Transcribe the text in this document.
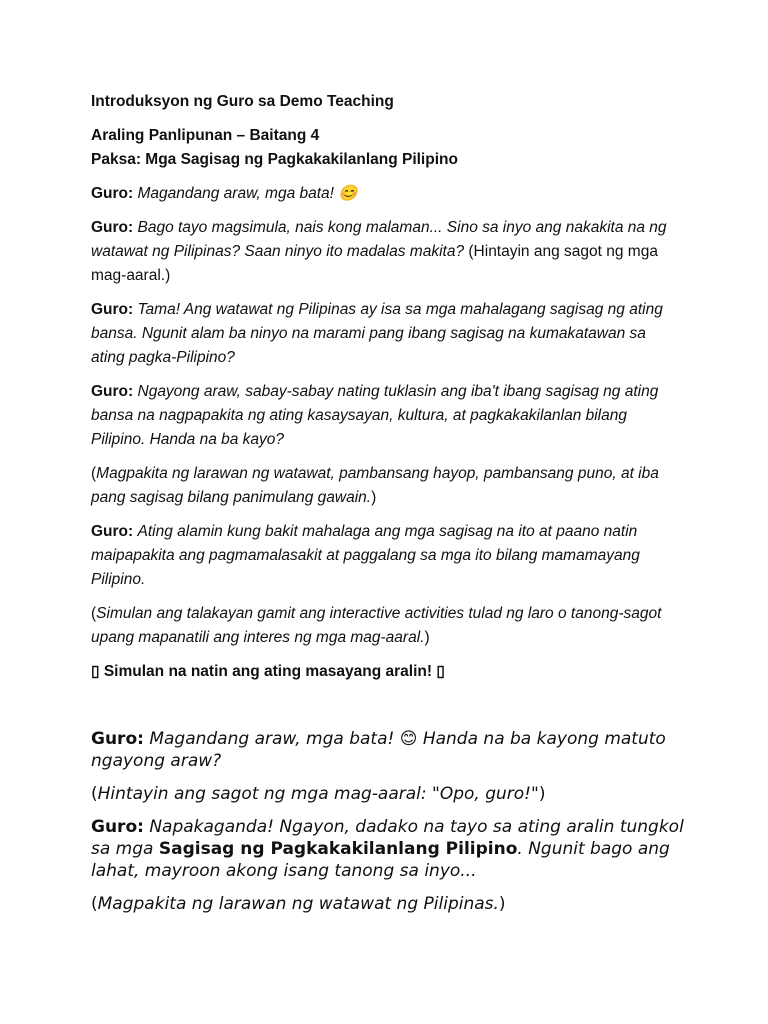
Introduksyon ng Guro sa Demo Teaching

Araling Panlipunan – Baitang 4
Paksa: Mga Sagisag ng Pagkakakilanlang Pilipino

Guro: Magandang araw, mga bata! 😊

Guro: Bago tayo magsimula, nais kong malaman... Sino sa inyo ang nakakita na ng watawat ng Pilipinas? Saan ninyo ito madalas makita? (Hintayin ang sagot ng mga mag-aaral.)

Guro: Tama! Ang watawat ng Pilipinas ay isa sa mga mahalagang sagisag ng ating bansa. Ngunit alam ba ninyo na marami pang ibang sagisag na kumakatawan sa ating pagka-Pilipino?

Guro: Ngayong araw, sabay-sabay nating tuklasin ang iba't ibang sagisag ng ating bansa na nagpapakita ng ating kasaysayan, kultura, at pagkakakilanlan bilang Pilipino. Handa na ba kayo?

(Magpakita ng larawan ng watawat, pambansang hayop, pambansang puno, at iba pang sagisag bilang panimulang gawain.)

Guro: Ating alamin kung bakit mahalaga ang mga sagisag na ito at paano natin maipapakita ang pagmamalasakit at paggalang sa mga ito bilang mamamayang Pilipino.

(Simulan ang talakayan gamit ang interactive activities tulad ng laro o tanong-sagot upang mapanatili ang interes ng mga mag-aaral.)

▯ Simulan na natin ang ating masayang aralin! ▯

Guro: Magandang araw, mga bata! 😊 Handa na ba kayong matuto ngayong araw?

(Hintayin ang sagot ng mga mag-aaral: "Opo, guro!")

Guro: Napakaganda! Ngayon, dadako na tayo sa ating aralin tungkol sa mga Sagisag ng Pagkakakilanlang Pilipino. Ngunit bago ang lahat, mayroon akong isang tanong sa inyo...

(Magpakita ng larawan ng watawat ng Pilipinas.)
